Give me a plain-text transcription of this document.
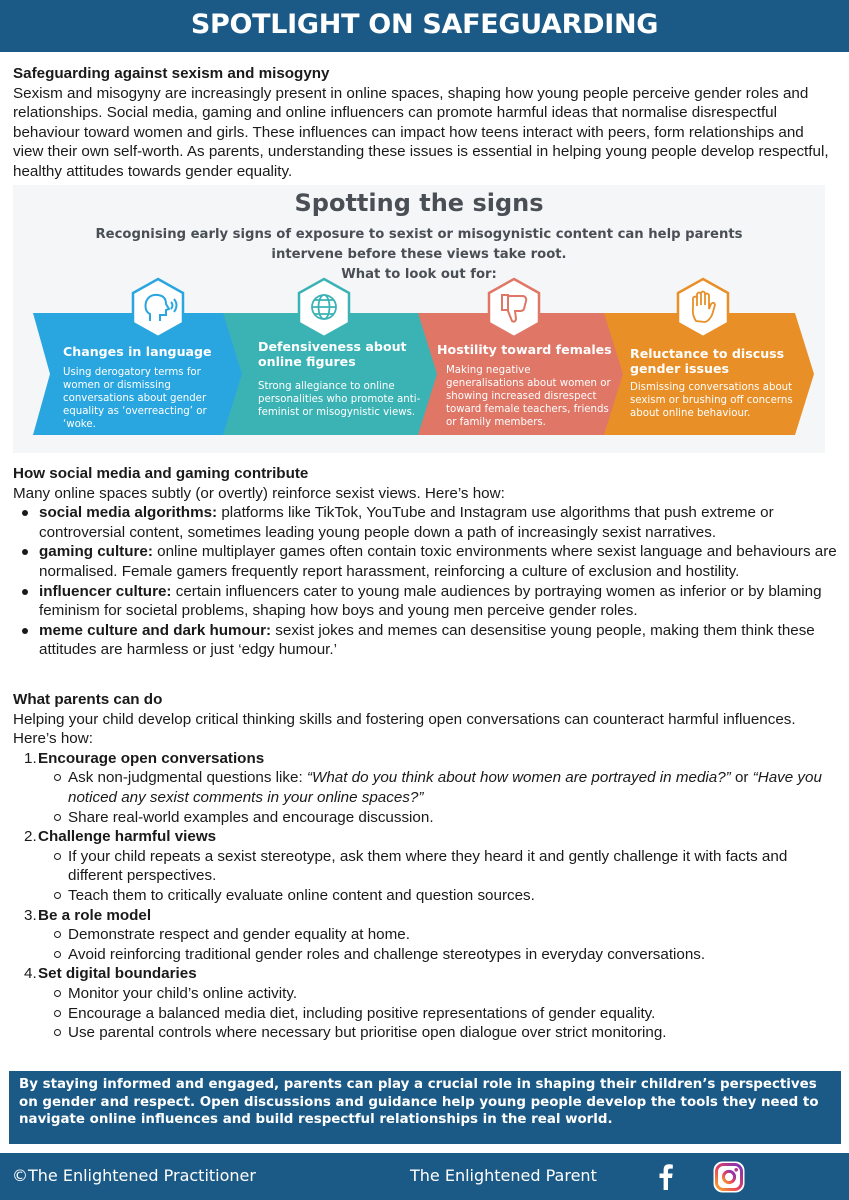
SPOTLIGHT ON SAFEGUARDING
Safeguarding against sexism and misogyny

Sexism and misogyny are increasingly present in online spaces, shaping how young people perceive gender roles and relationships. Social media, gaming and online influencers can promote harmful ideas that normalise disrespectful behaviour toward women and girls. These influences can impact how teens interact with peers, form relationships and view their own self-worth. As parents, understanding these issues is essential in helping young people develop respectful, healthy attitudes towards gender equality.

Spotting the signs
Recognising early signs of exposure to sexist or misogynistic content can help parents intervene before these views take root.
What to look out for:
Changes in language
Using derogatory terms for women or dismissing conversations about gender equality as ‘overreacting’ or ‘woke.
Defensiveness about online figures
Strong allegiance to online personalities who promote anti-feminist or misogynistic views.
Hostility toward females
Making negative generalisations about women or showing increased disrespect toward female teachers, friends or family members.
Reluctance to discuss gender issues
Dismissing conversations about sexism or brushing off concerns about online behaviour.
How social media and gaming contribute

Many online spaces subtly (or overtly) reinforce sexist views. Here’s how:

social media algorithms: platforms like TikTok, YouTube and Instagram use algorithms that push extreme or controversial content, sometimes leading young people down a path of increasingly sexist narratives.
gaming culture: online multiplayer games often contain toxic environments where sexist language and behaviours are normalised. Female gamers frequently report harassment, reinforcing a culture of exclusion and hostility.
influencer culture: certain influencers cater to young male audiences by portraying women as inferior or by blaming feminism for societal problems, shaping how boys and young men perceive gender roles.
meme culture and dark humour: sexist jokes and memes can desensitise young people, making them think these attitudes are harmless or just ‘edgy humour.’
What parents can do

Helping your child develop critical thinking skills and fostering open conversations can counteract harmful influences. Here’s how:

1. Encourage open conversations
Ask non-judgmental questions like: “What do you think about how women are portrayed in media?” or “Have you noticed any sexist comments in your online spaces?”
Share real-world examples and encourage discussion.
2. Challenge harmful views
If your child repeats a sexist stereotype, ask them where they heard it and gently challenge it with facts and different perspectives.
Teach them to critically evaluate online content and question sources.
3. Be a role model
Demonstrate respect and gender equality at home.
Avoid reinforcing traditional gender roles and challenge stereotypes in everyday conversations.
4. Set digital boundaries
Monitor your child’s online activity.
Encourage a balanced media diet, including positive representations of gender equality.
Use parental controls where necessary but prioritise open dialogue over strict monitoring.

By staying informed and engaged, parents can play a crucial role in shaping their children’s perspectives on gender and respect. Open discussions and guidance help young people develop the tools they need to navigate online influences and build respectful relationships in the real world.

©The Enlightened Practitioner	The Enlightened Parent
